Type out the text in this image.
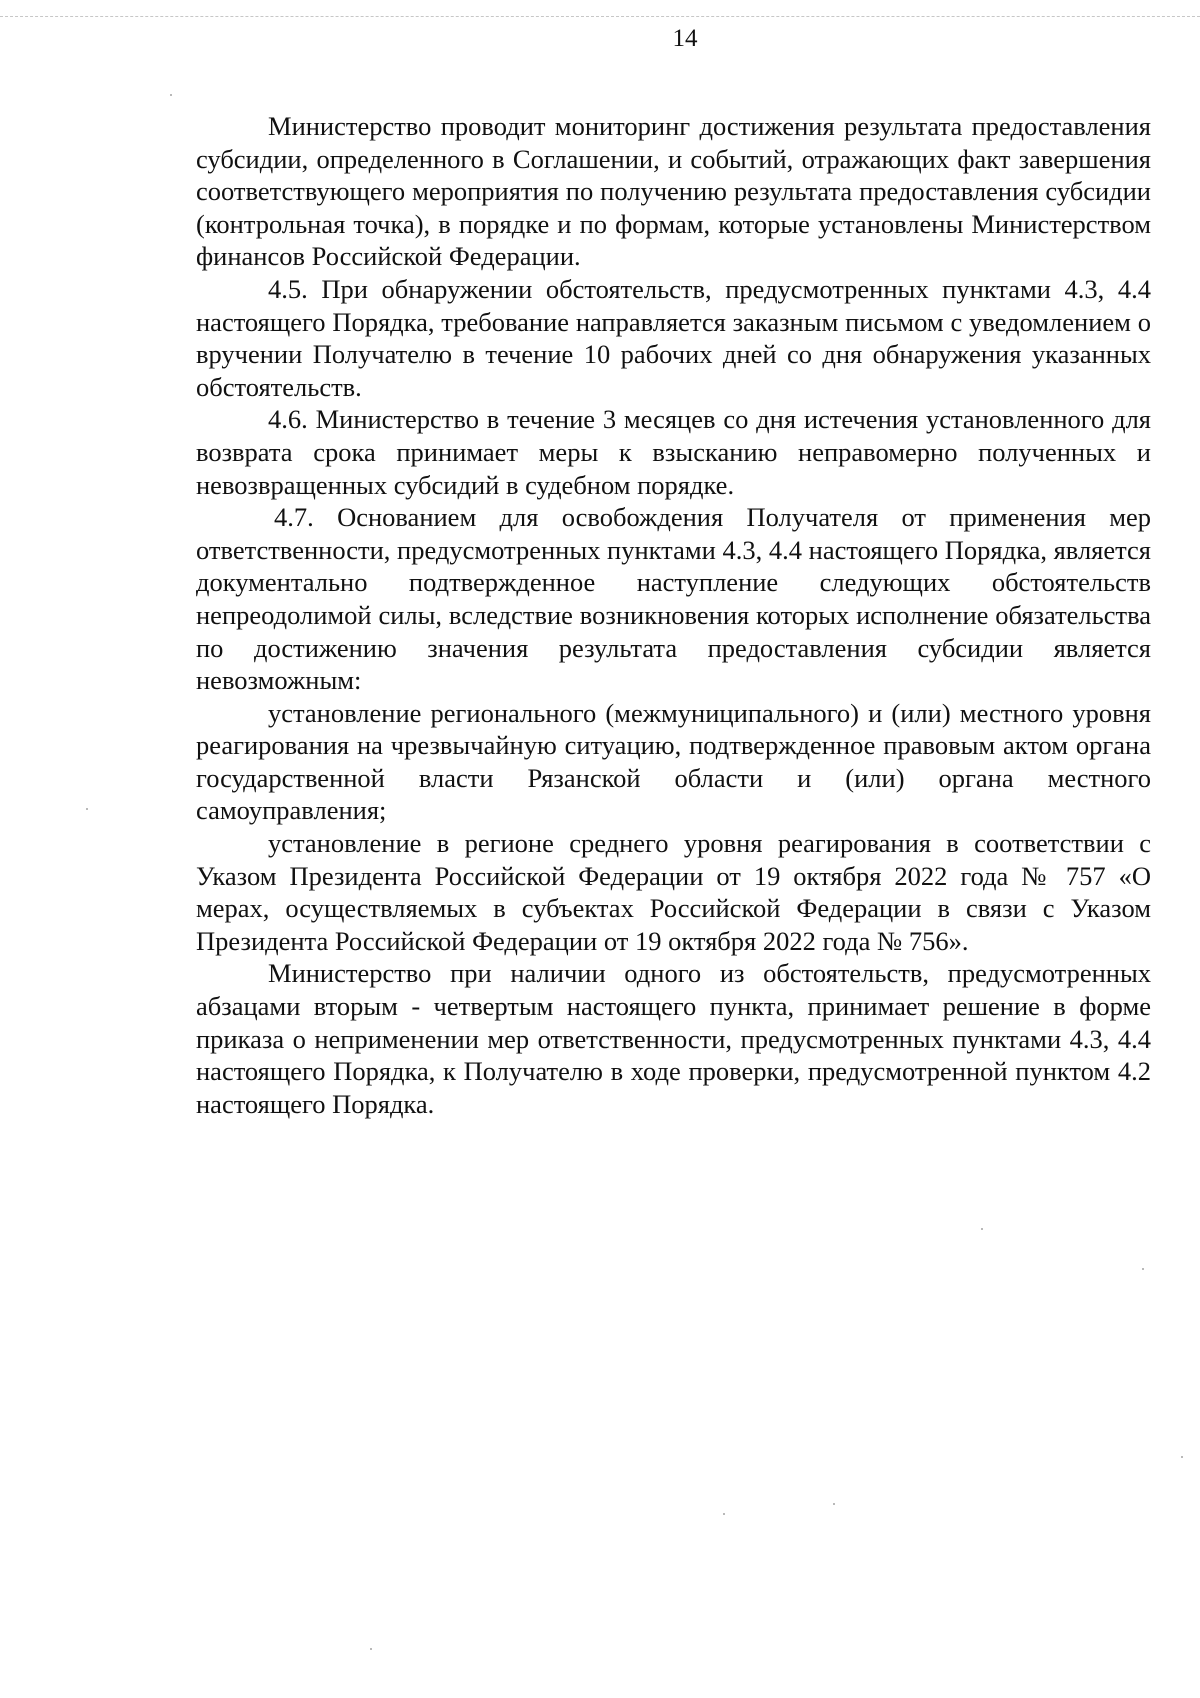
14

Министерство проводит мониторинг достижения результата предоставления субсидии, определенного в Соглашении, и событий, отражающих факт завершения соответствующего мероприятия по получению результата предоставления субсидии (контрольная точка), в порядке и по формам, которые установлены Министерством финансов Российской Федерации.

4.5. При обнаружении обстоятельств, предусмотренных пунктами 4.3, 4.4 настоящего Порядка, требование направляется заказным письмом с уведомлением о вручении Получателю в течение 10 рабочих дней со дня обнаружения указанных обстоятельств.

4.6. Министерство в течение 3 месяцев со дня истечения установленного для возврата срока принимает меры к взысканию неправомерно полученных и невозвращенных субсидий в судебном порядке.

4.7. Основанием для освобождения Получателя от применения мер ответственности, предусмотренных пунктами 4.3, 4.4 настоящего Порядка, является документально подтвержденное наступление следующих обстоятельств непреодолимой силы, вследствие возникновения которых исполнение обязательства по достижению значения результата предоставления субсидии является невозможным:

установление регионального (межмуниципального) и (или) местного уровня реагирования на чрезвычайную ситуацию, подтвержденное правовым актом органа государственной власти Рязанской области и (или) органа местного самоуправления;

установление в регионе среднего уровня реагирования в соответствии с Указом Президента Российской Федерации от 19 октября 2022 года № 757 «О мерах, осуществляемых в субъектах Российской Федерации в связи с Указом Президента Российской Федерации от 19 октября 2022 года № 756».

Министерство при наличии одного из обстоятельств, предусмотренных абзацами вторым - четвертым настоящего пункта, принимает решение в форме приказа о неприменении мер ответственности, предусмотренных пунктами 4.3, 4.4 настоящего Порядка, к Получателю в ходе проверки, предусмотренной пунктом 4.2 настоящего Порядка.
